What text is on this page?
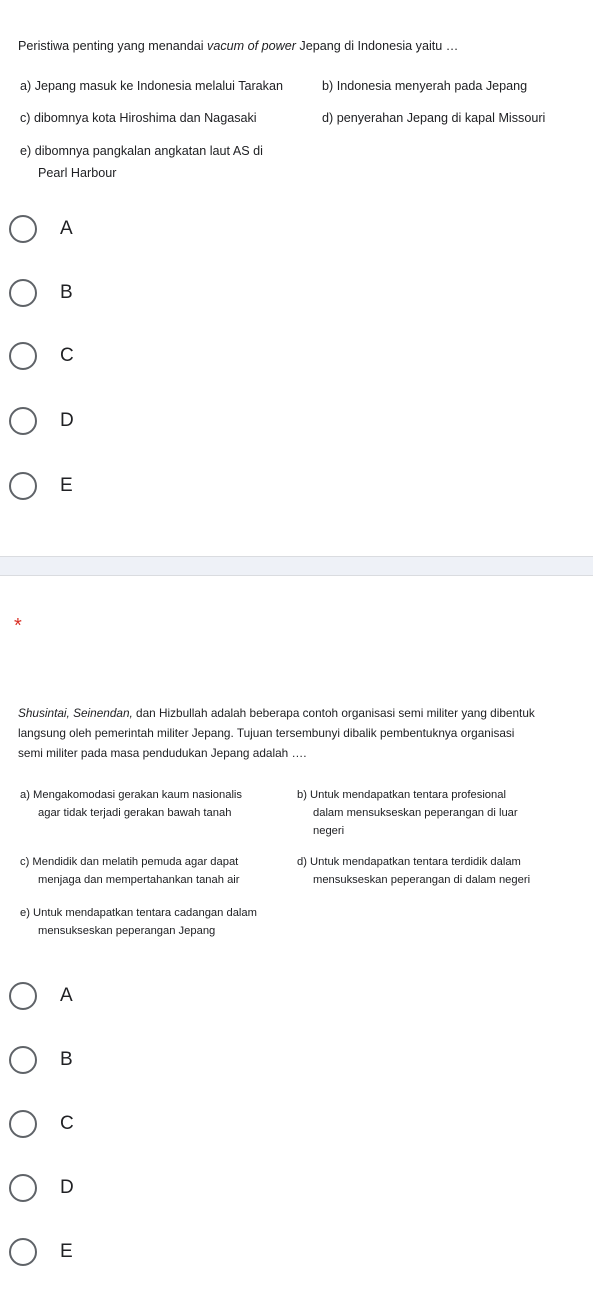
Peristiwa penting yang menandai vacum of power Jepang di Indonesia yaitu …
a) Jepang masuk ke Indonesia melalui Tarakan	b) Indonesia menyerah pada Jepang
c) dibomnya kota Hiroshima dan Nagasaki	d) penyerahan Jepang di kapal Missouri
e) dibomnya pangkalan angkatan laut AS di
Pearl Harbour
A
B
C
D
E
*
Shusintai, Seinendan, dan Hizbullah adalah beberapa contoh organisasi semi militer yang dibentuk
langsung oleh pemerintah militer Jepang. Tujuan tersembunyi dibalik pembentuknya organisasi
semi militer pada masa pendudukan Jepang adalah ….
a) Mengakomodasi gerakan kaum nasionalis
agar tidak terjadi gerakan bawah tanah
b) Untuk mendapatkan tentara profesional
dalam mensukseskan peperangan di luar
negeri
c) Mendidik dan melatih pemuda agar dapat
menjaga dan mempertahankan tanah air
d) Untuk mendapatkan tentara terdidik dalam
mensukseskan peperangan di dalam negeri
e) Untuk mendapatkan tentara cadangan dalam
mensukseskan peperangan Jepang
A
B
C
D
E
